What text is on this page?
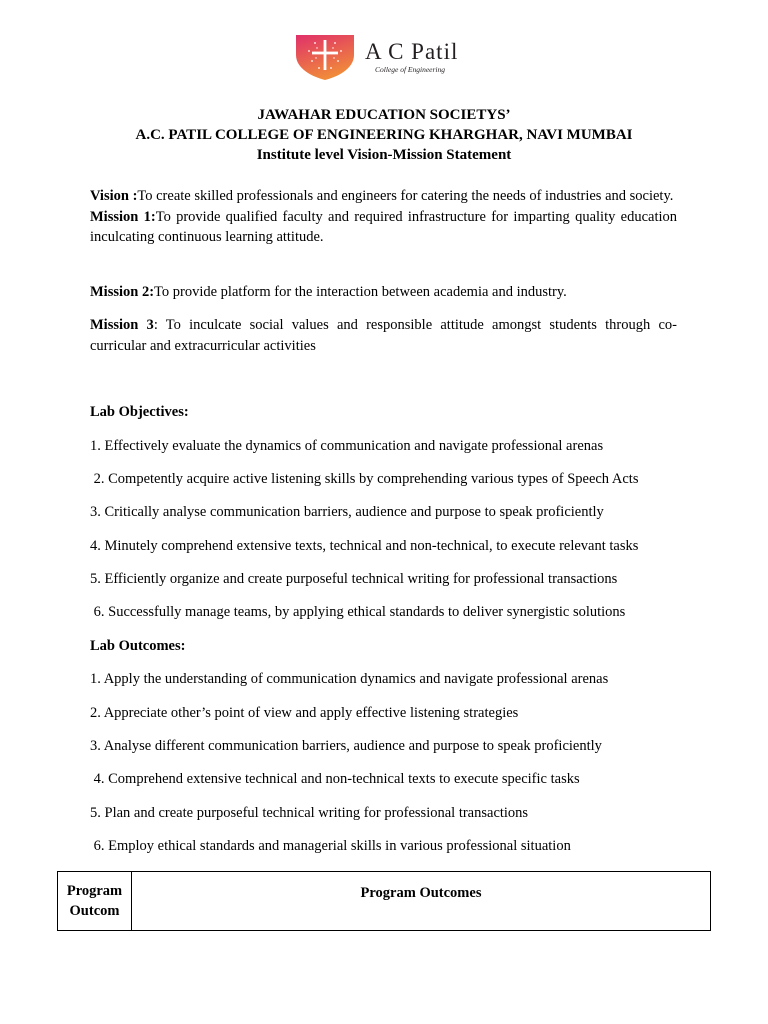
A C Patil
College of Engineering
JAWAHAR EDUCATION SOCIETYS’
A.C. PATIL COLLEGE OF ENGINEERING KHARGHAR, NAVI MUMBAI
Institute level Vision-Mission Statement
Vision :To create skilled professionals and engineers for catering the needs of industries and society.
Mission 1:To provide qualified faculty and required infrastructure for imparting quality education inculcating continuous learning attitude.
Mission 2:To provide platform for the interaction between academia and industry.
Mission 3: To inculcate social values and responsible attitude amongst students through co-curricular and extracurricular activities
Lab Objectives:
1. Effectively evaluate the dynamics of communication and navigate professional arenas
2. Competently acquire active listening skills by comprehending various types of Speech Acts
3. Critically analyse communication barriers, audience and purpose to speak proficiently
4. Minutely comprehend extensive texts, technical and non-technical, to execute relevant tasks
5. Efficiently organize and create purposeful technical writing for professional transactions
6. Successfully manage teams, by applying ethical standards to deliver synergistic solutions
Lab Outcomes:
1. Apply the understanding of communication dynamics and navigate professional arenas
2. Appreciate other’s point of view and apply effective listening strategies
3. Analyse different communication barriers, audience and purpose to speak proficiently
4. Comprehend extensive technical and non-technical texts to execute specific tasks
5. Plan and create purposeful technical writing for professional transactions
6. Employ ethical standards and managerial skills in various professional situation
Program
Outcom
	Program Outcomes
